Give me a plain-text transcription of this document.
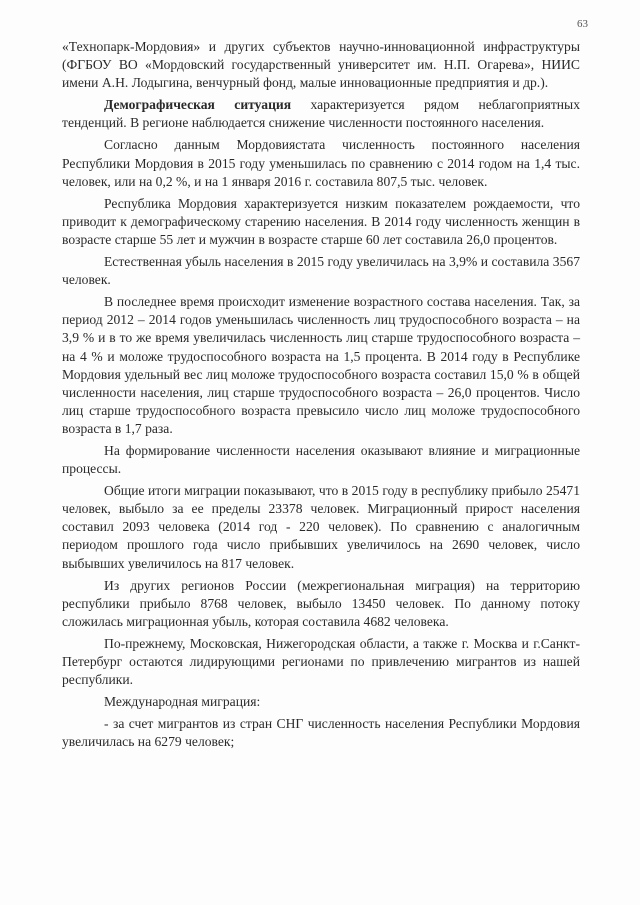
63

«Технопарк-Мордовия» и других субъектов научно-инновационной инфраструктуры (ФГБОУ ВО «Мордовский государственный университет им. Н.П. Огарева», НИИС имени А.Н. Лодыгина, венчурный фонд, малые инновационные предприятия и др.).

Демографическая ситуация характеризуется рядом неблагоприятных тенденций. В регионе наблюдается снижение численности постоянного населения.

Согласно данным Мордовиястата численность постоянного населения Республики Мордовия в 2015 году уменьшилась по сравнению с 2014 годом на 1,4 тыс. человек, или на 0,2 %, и на 1 января 2016 г. составила 807,5 тыс. человек.

Республика Мордовия характеризуется низким показателем рождаемости, что приводит к демографическому старению населения. В 2014 году численность женщин в возрасте старше 55 лет и мужчин в возрасте старше 60 лет составила 26,0 процентов.

Естественная убыль населения в 2015 году увеличилась на 3,9% и составила 3567 человек.

В последнее время происходит изменение возрастного состава населения. Так, за период 2012 – 2014 годов уменьшилась численность лиц трудоспособного возраста – на 3,9 % и в то же время увеличилась численность лиц старше трудоспособного возраста – на 4 % и моложе трудоспособного возраста на 1,5 процента. В 2014 году в Республике Мордовия удельный вес лиц моложе трудоспособного возраста составил 15,0 % в общей численности населения, лиц старше трудоспособного возраста – 26,0 процентов. Число лиц старше трудоспособного возраста превысило число лиц моложе трудоспособного возраста в 1,7 раза.

На формирование численности населения оказывают влияние и миграционные процессы.

Общие итоги миграции показывают, что в 2015 году в республику прибыло 25471 человек, выбыло за ее пределы 23378 человек. Миграционный прирост населения составил 2093 человека (2014 год - 220 человек). По сравнению с аналогичным периодом прошлого года число прибывших увеличилось на 2690 человек, число выбывших увеличилось на 817 человек.

Из других регионов России (межрегиональная миграция) на территорию республики прибыло 8768 человек, выбыло 13450 человек. По данному потоку сложилась миграционная убыль, которая составила 4682 человека.

По-прежнему, Московская, Нижегородская области, а также г. Москва и г.Санкт-Петербург остаются лидирующими регионами по привлечению мигрантов из нашей республики.

Международная миграция:

- за счет мигрантов из стран СНГ численность населения Республики Мордовия увеличилась на 6279 человек;
